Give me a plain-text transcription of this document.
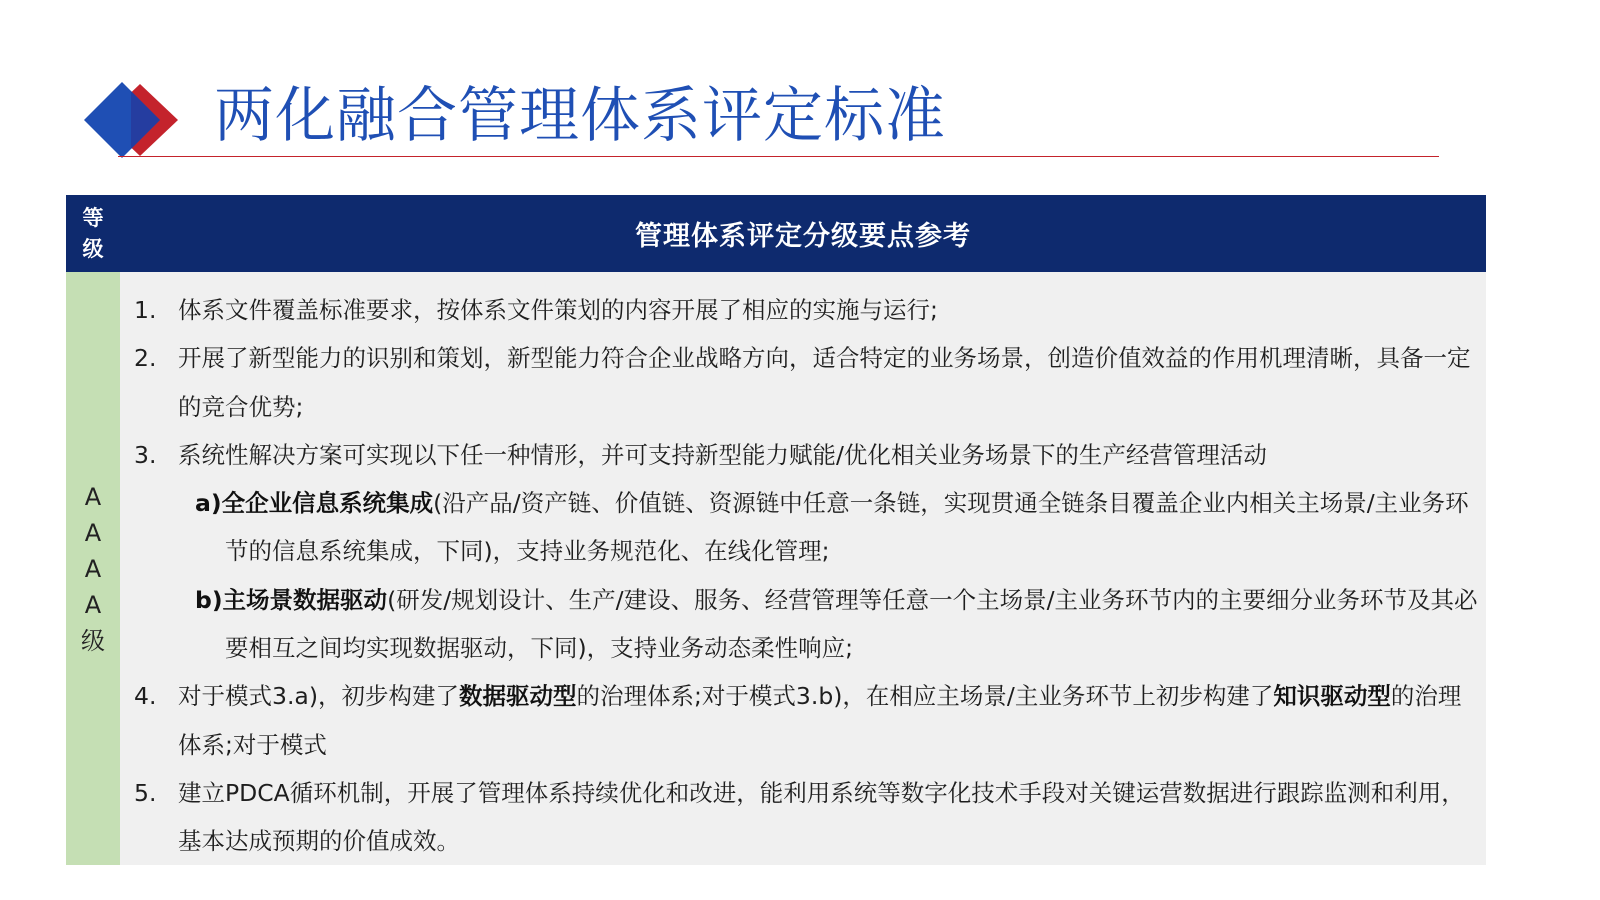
两化融合管理体系评定标准
等
级	管理体系评定分级要点参考
A
A
A
A
级
1. 体系文件覆盖标准要求，按体系文件策划的内容开展了相应的实施与运行;
2. 开展了新型能力的识别和策划，新型能力符合企业战略方向，适合特定的业务场景，创造价值效益的作用机理清晰，具备一定的竞合优势;
3. 系统性解决方案可实现以下任一种情形，并可支持新型能力赋能/优化相关业务场景下的生产经营管理活动
a)全企业信息系统集成(沿产品/资产链、价值链、资源链中任意一条链，实现贯通全链条目覆盖企业内相关主场景/主业务环节的信息系统集成，下同)，支持业务规范化、在线化管理;
b)主场景数据驱动(研发/规划设计、生产/建设、服务、经营管理等任意一个主场景/主业务环节内的主要细分业务环节及其必要相互之间均实现数据驱动，下同)，支持业务动态柔性响应;
4. 对于模式3.a)，初步构建了数据驱动型的治理体系;对于模式3.b)，在相应主场景/主业务环节上初步构建了知识驱动型的治理体系;对于模式
5. 建立PDCA循环机制，开展了管理体系持续优化和改进，能利用系统等数字化技术手段对关键运营数据进行跟踪监测和利用，基本达成预期的价值成效。
